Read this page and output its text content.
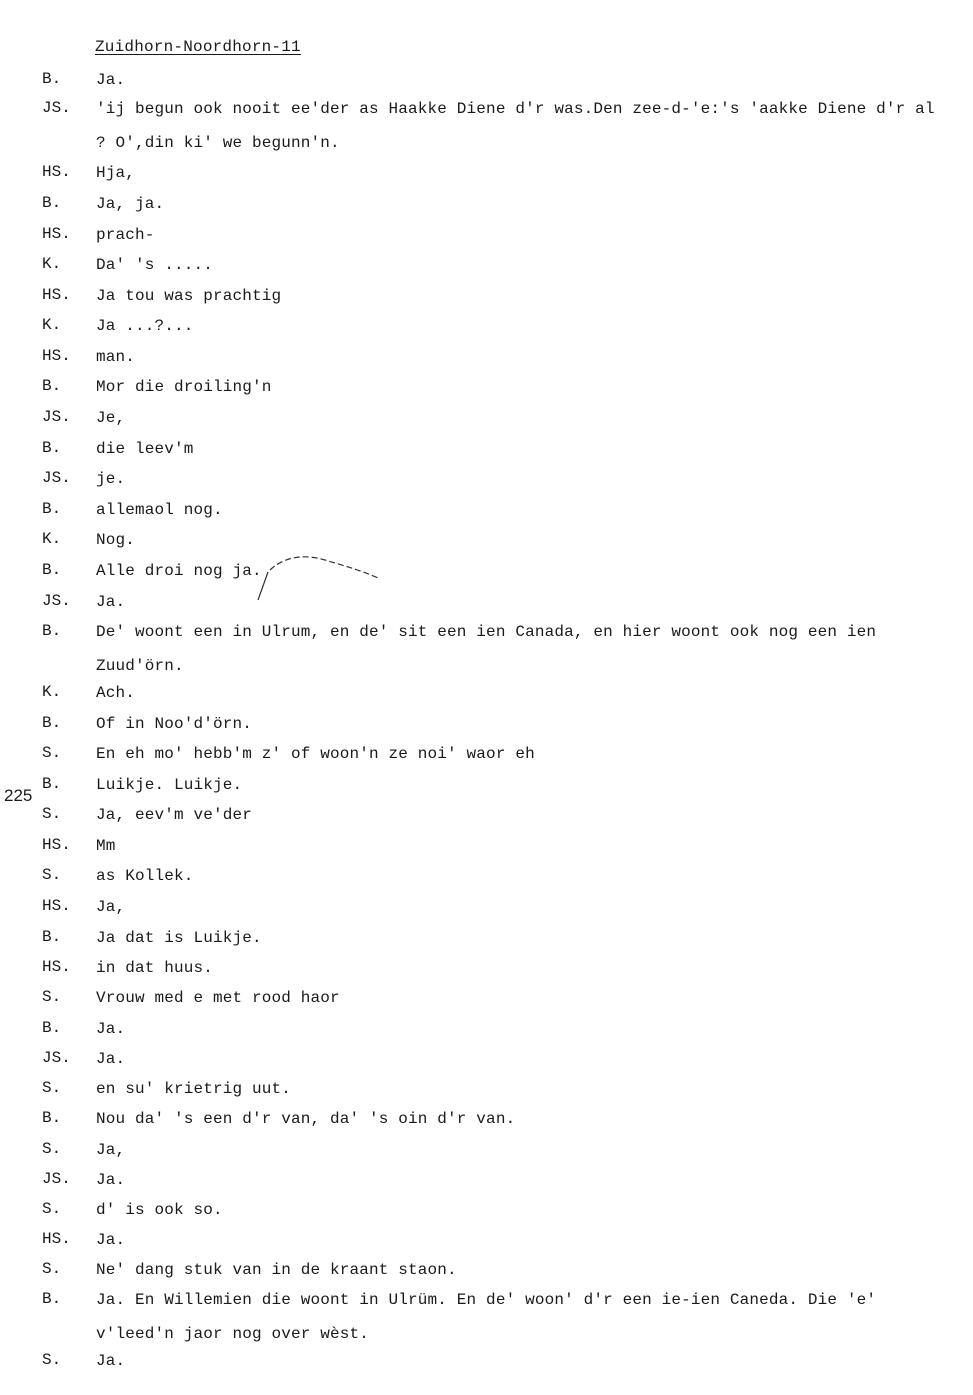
Zuidhorn-Noordhorn-11
225
B. Ja.
JS. 'ij begun ook nooit ee'der as Haakke Diene d'r was.Den zee-d-'e:'s 'aakke Diene d'r al ? O',din ki' we begunn'n.
HS. Hja,
B. Ja, ja.
HS. prach-
K. Da' 's .....
HS. Ja tou was prachtig
K. Ja ...?...
HS. man.
B. Mor die droiling'n
JS. Je,
B. die leev'm
JS. je.
B. allemaol nog.
K. Nog.
B. Alle droi nog ja.
JS. Ja.
B. De' woont een in Ulrum, en de' sit een ien Canada, en hier woont ook nog een ien Zuud'örn.
K. Ach.
B. Of in Noo'd'örn.
S. En eh mo' hebb'm z' of woon'n ze noi' waor eh
B. Luikje. Luikje.
S. Ja, eev'm ve'der
HS. Mm
S. as Kollek.
HS. Ja,
B. Ja dat is Luikje.
HS. in dat huus.
S. Vrouw med e met rood haor
B. Ja.
JS. Ja.
S. en su' krietrig uut.
B. Nou da' 's een d'r van, da' 's oin d'r van.
S. Ja,
JS. Ja.
S. d' is ook so.
HS. Ja.
S. Ne' dang stuk van in de kraant staon.
B. Ja. En Willemien die woont in Ulrüm. En de' woon' d'r een ie-ien Caneda. Die 'e' v'leed'n jaor nog over wèst.
S. Ja.
